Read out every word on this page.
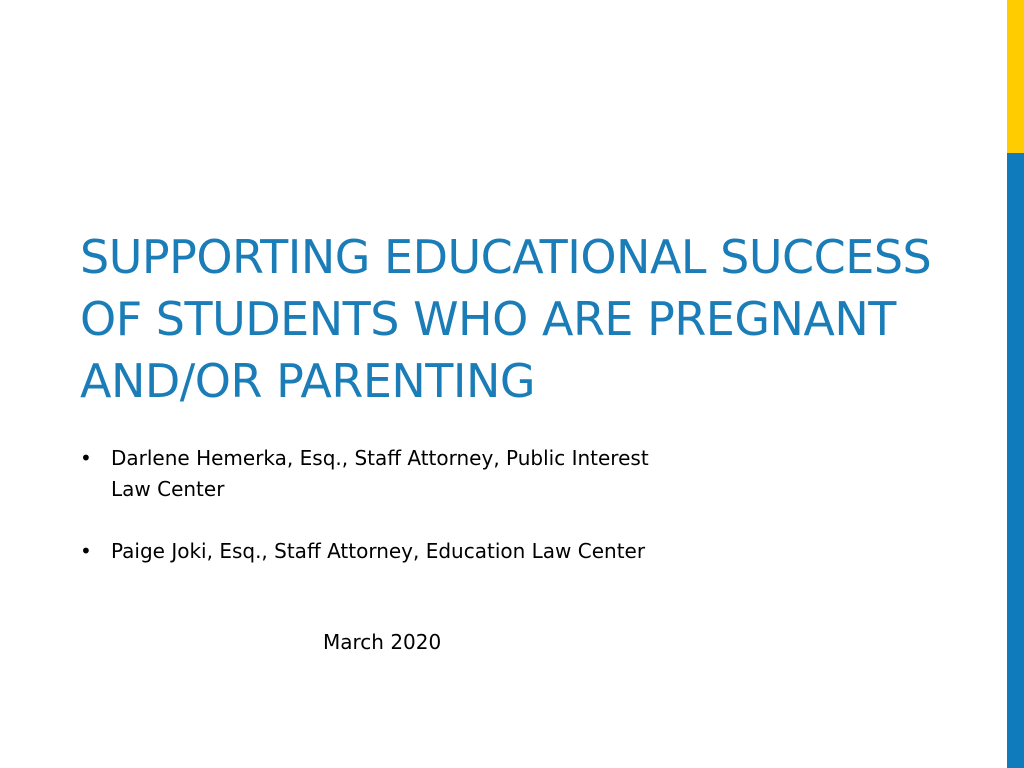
SUPPORTING EDUCATIONAL SUCCESS
OF STUDENTS WHO ARE PREGNANT
AND/OR PARENTING
• Darlene Hemerka, Esq., Staff Attorney, Public Interest Law Center
• Paige Joki, Esq., Staff Attorney, Education Law Center
March 2020
